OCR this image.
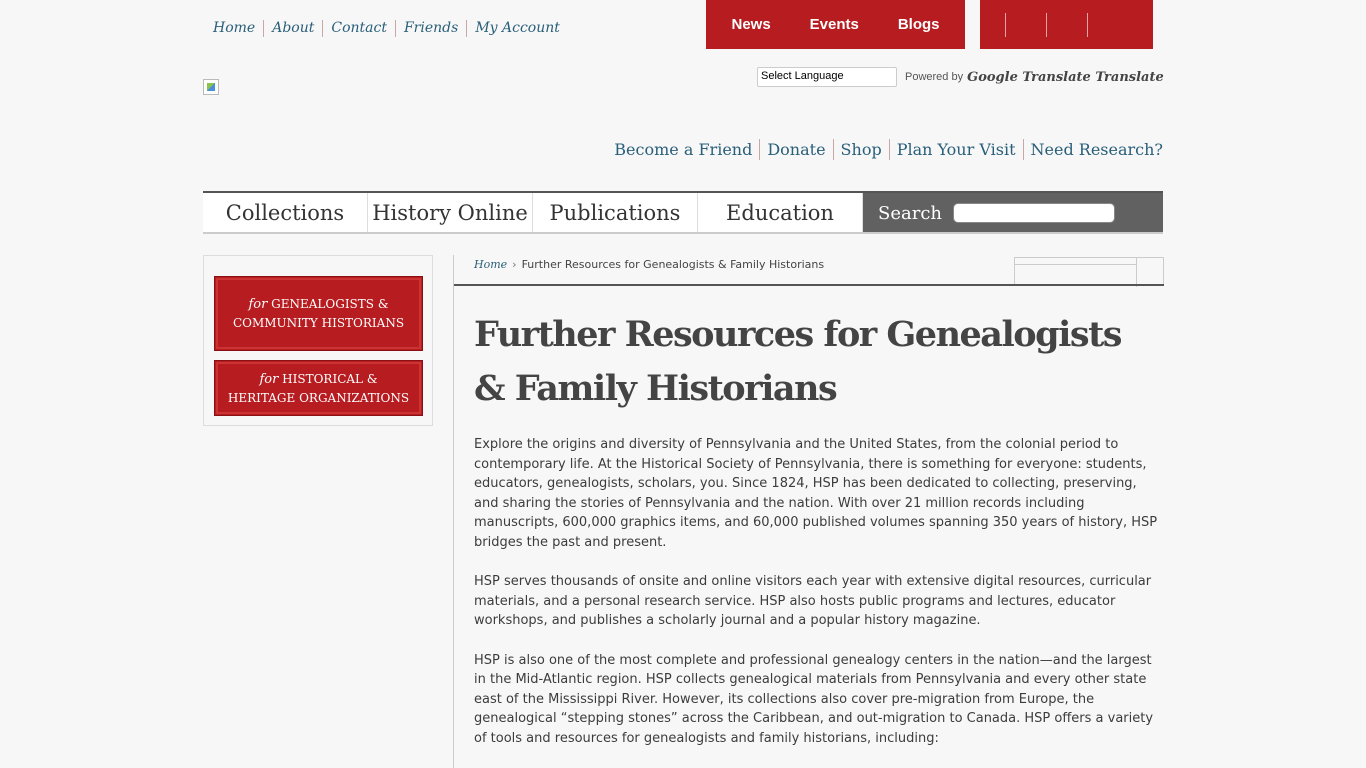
Home	About	Contact	Friends	My Account	News	Events	Blogs
Select Language	Powered by Google Translate Translate
Become a Friend Donate Shop Plan Your Visit Need Research?
Collections	History Online	Publications	Education	Search
for GENEALOGISTS & COMMUNITY HISTORIANS
for HISTORICAL & HERITAGE ORGANIZATIONS
Home › Further Resources for Genealogists & Family Historians
Further Resources for Genealogists & Family Historians

Explore the origins and diversity of Pennsylvania and the United States, from the colonial period to contemporary life. At the Historical Society of Pennsylvania, there is something for everyone: students, educators, genealogists, scholars, you. Since 1824, HSP has been dedicated to collecting, preserving, and sharing the stories of Pennsylvania and the nation. With over 21 million records including manuscripts, 600,000 graphics items, and 60,000 published volumes spanning 350 years of history, HSP bridges the past and present.

HSP serves thousands of onsite and online visitors each year with extensive digital resources, curricular materials, and a personal research service. HSP also hosts public programs and lectures, educator workshops, and publishes a scholarly journal and a popular history magazine.

HSP is also one of the most complete and professional genealogy centers in the nation—and the largest in the Mid-Atlantic region. HSP collects genealogical materials from Pennsylvania and every other state east of the Mississippi River. However, its collections also cover pre-migration from Europe, the genealogical “stepping stones” across the Caribbean, and out-migration to Canada. HSP offers a variety of tools and resources for genealogists and family historians, including:
